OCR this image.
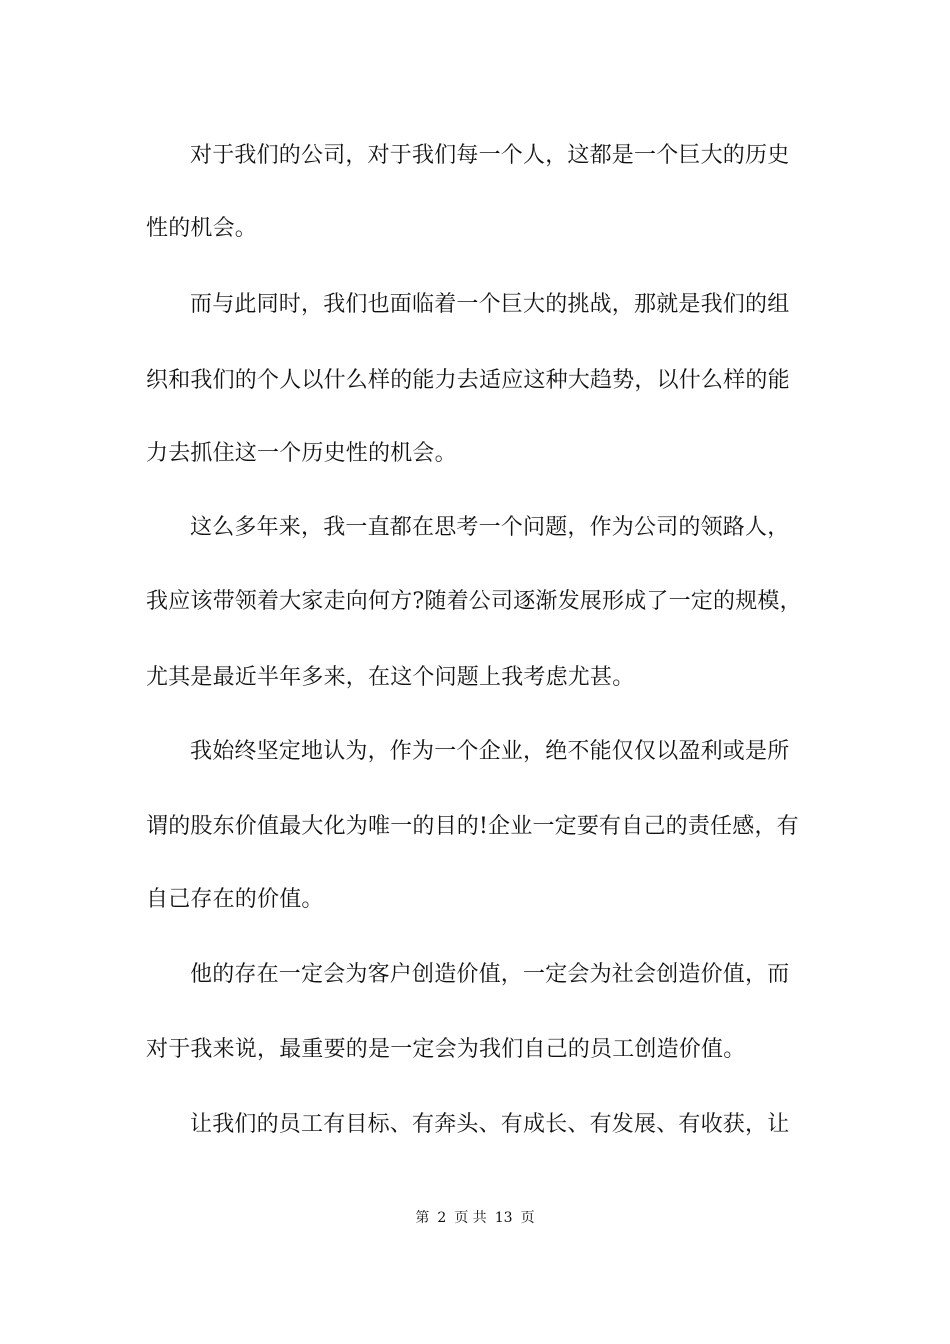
对于我们的公司，对于我们每一个人，这都是一个巨大的历史
性的机会。
而与此同时，我们也面临着一个巨大的挑战，那就是我们的组
织和我们的个人以什么样的能力去适应这种大趋势，以什么样的能
力去抓住这一个历史性的机会。
这么多年来，我一直都在思考一个问题，作为公司的领路人，
我应该带领着大家走向何方?随着公司逐渐发展形成了一定的规模，
尤其是最近半年多来，在这个问题上我考虑尤甚。
我始终坚定地认为，作为一个企业，绝不能仅仅以盈利或是所
谓的股东价值最大化为唯一的目的!企业一定要有自己的责任感，有
自己存在的价值。
他的存在一定会为客户创造价值，一定会为社会创造价值，而
对于我来说，最重要的是一定会为我们自己的员工创造价值。
让我们的员工有目标、有奔头、有成长、有发展、有收获，让
第 2 页 共 13 页
